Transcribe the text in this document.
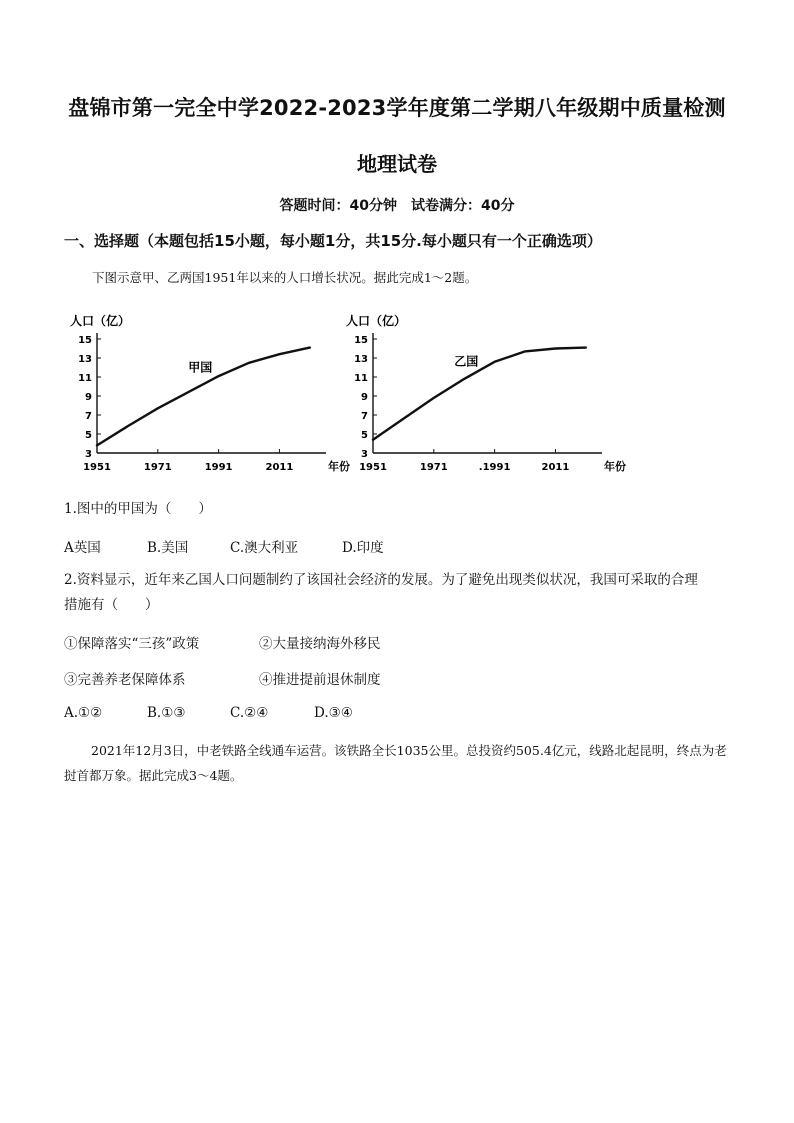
盘锦市第一完全中学2022-2023学年度第二学期八年级期中质量检测
地理试卷
答题时间：40分钟　试卷满分：40分
一、选择题（本题包括15小题，每小题1分，共15分.每小题只有一个正确选项）
下图示意甲、乙两国1951年以来的人口增长状况。据此完成1～2题。
人口（亿）
年份
3
5
7
9
11
13
15
1951	1971	1991	2011
甲国
人口（亿）
年份
3
5
7
9
11
13
15
1951	1971	.1991	2011
乙国
1.图中的甲国为（　　）
A英国	B.美国	C.澳大利亚	D.印度
2.资料显示，近年来乙国人口问题制约了该国社会经济的发展。为了避免出现类似状况，我国可采取的合理
措施有（　　）
①保障落实“三孩”政策	②大量接纳海外移民
③完善养老保障体系	④推进提前退休制度
A.①②	B.①③	C.②④	D.③④
2021年12月3日，中老铁路全线通车运营。该铁路全长1035公里。总投资约505.4亿元，线路北起昆明，终点为老挝首都万象。据此完成3～4题。
